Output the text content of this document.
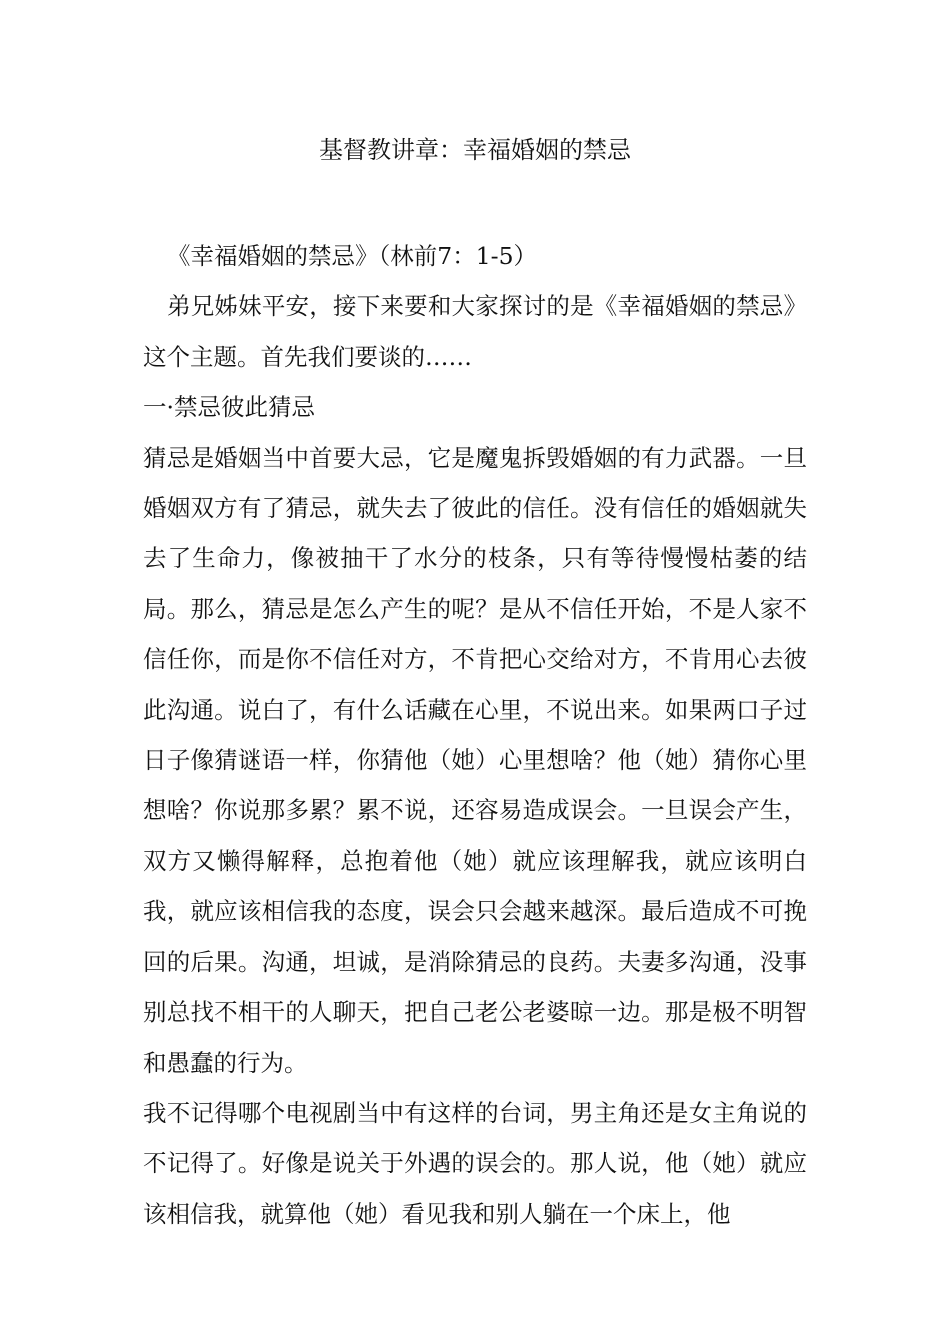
基督教讲章：幸福婚姻的禁忌

《幸福婚姻的禁忌》（林前7：1-5）

弟兄姊妹平安，接下来要和大家探讨的是《幸福婚姻的禁忌》这个主题。首先我们要谈的……

一·禁忌彼此猜忌

猜忌是婚姻当中首要大忌，它是魔鬼拆毁婚姻的有力武器。一旦婚姻双方有了猜忌，就失去了彼此的信任。没有信任的婚姻就失去了生命力，像被抽干了水分的枝条，只有等待慢慢枯萎的结局。那么，猜忌是怎么产生的呢？是从不信任开始，不是人家不信任你，而是你不信任对方，不肯把心交给对方，不肯用心去彼此沟通。说白了，有什么话藏在心里，不说出来。如果两口子过日子像猜谜语一样，你猜他（她）心里想啥？他（她）猜你心里想啥？你说那多累？累不说，还容易造成误会。一旦误会产生，双方又懒得解释，总抱着他（她）就应该理解我，就应该明白我，就应该相信我的态度，误会只会越来越深。最后造成不可挽回的后果。沟通，坦诚，是消除猜忌的良药。夫妻多沟通，没事别总找不相干的人聊天，把自己老公老婆晾一边。那是极不明智和愚蠢的行为。

我不记得哪个电视剧当中有这样的台词，男主角还是女主角说的不记得了。好像是说关于外遇的误会的。那人说，他（她）就应该相信我，就算他（她）看见我和别人躺在一个床上，他
